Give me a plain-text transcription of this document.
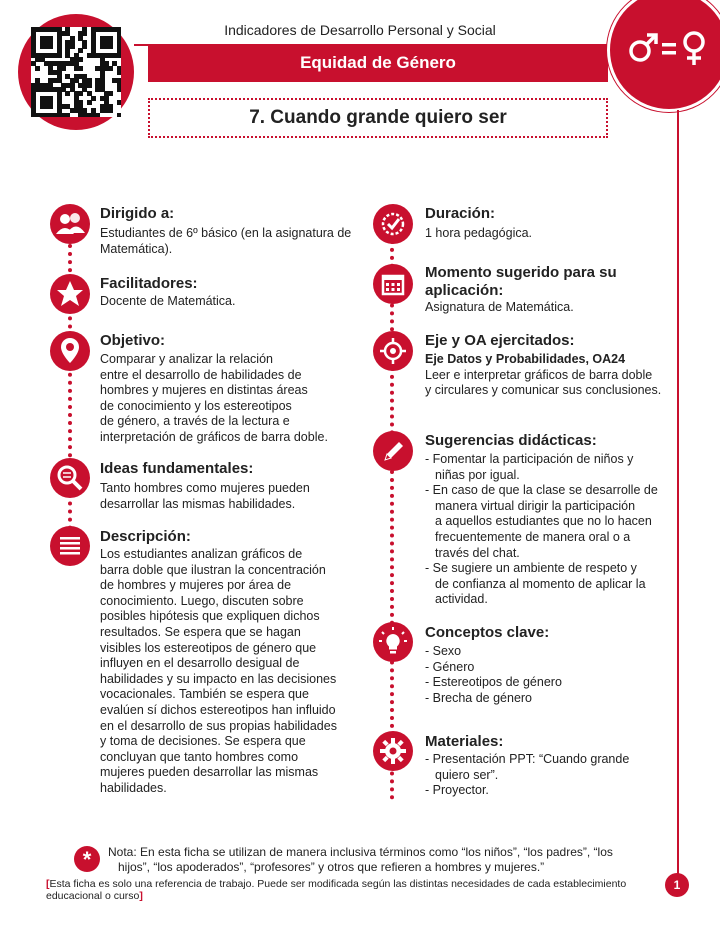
Indicadores de Desarrollo Personal y Social
Equidad de Género
7. Cuando grande quiero ser
Dirigido a:
Estudiantes de 6º básico (en la asignatura de Matemática).
Facilitadores:
Docente de Matemática.
Objetivo:
Comparar y analizar la relación
entre el desarrollo de habilidades de
hombres y mujeres en distintas áreas
de conocimiento y los estereotipos
de género, a través de la lectura e
interpretación de gráficos de barra doble.
Ideas fundamentales:
Tanto hombres como mujeres pueden
desarrollar las mismas habilidades.
Descripción:
Los estudiantes analizan gráficos de
barra doble que ilustran la concentración
de hombres y mujeres por área de
conocimiento. Luego, discuten sobre
posibles hipótesis que expliquen dichos
resultados. Se espera que se hagan
visibles los estereotipos de género que
influyen en el desarrollo desigual de
habilidades y su impacto en las decisiones
vocacionales. También se espera que
evalúen sí dichos estereotipos han influido
en el desarrollo de sus propias habilidades
y toma de decisiones. Se espera que
concluyan que tanto hombres como
mujeres pueden desarrollar las mismas
habilidades.
Duración:
1 hora pedagógica.
Momento sugerido para su
aplicación:
Asignatura de Matemática.
Eje y OA ejercitados:
Eje Datos y Probabilidades, OA24
Leer e interpretar gráficos de barra doble
y circulares y comunicar sus conclusiones.
Sugerencias didácticas:
- Fomentar la participación de niños y
niñas por igual.
- En caso de que la clase se desarrolle de
manera virtual dirigir la participación
a aquellos estudiantes que no lo hacen
frecuentemente de manera oral o a
través del chat.
- Se sugiere un ambiente de respeto y
de confianza al momento de aplicar la
actividad.
Conceptos clave:
- Sexo
- Género
- Estereotipos de género
- Brecha de género
Materiales:
- Presentación PPT: “Cuando grande
quiero ser”.
- Proyector.
*	Nota: En esta ficha se utilizan de manera inclusiva términos como “los niños”, “los padres”, “los
hijos”, “los apoderados”, “profesores” y otros que refieren a hombres y mujeres.”
[Esta ficha es solo una referencia de trabajo. Puede ser modificada según las distintas necesidades de cada establecimiento educacional o curso]
1
